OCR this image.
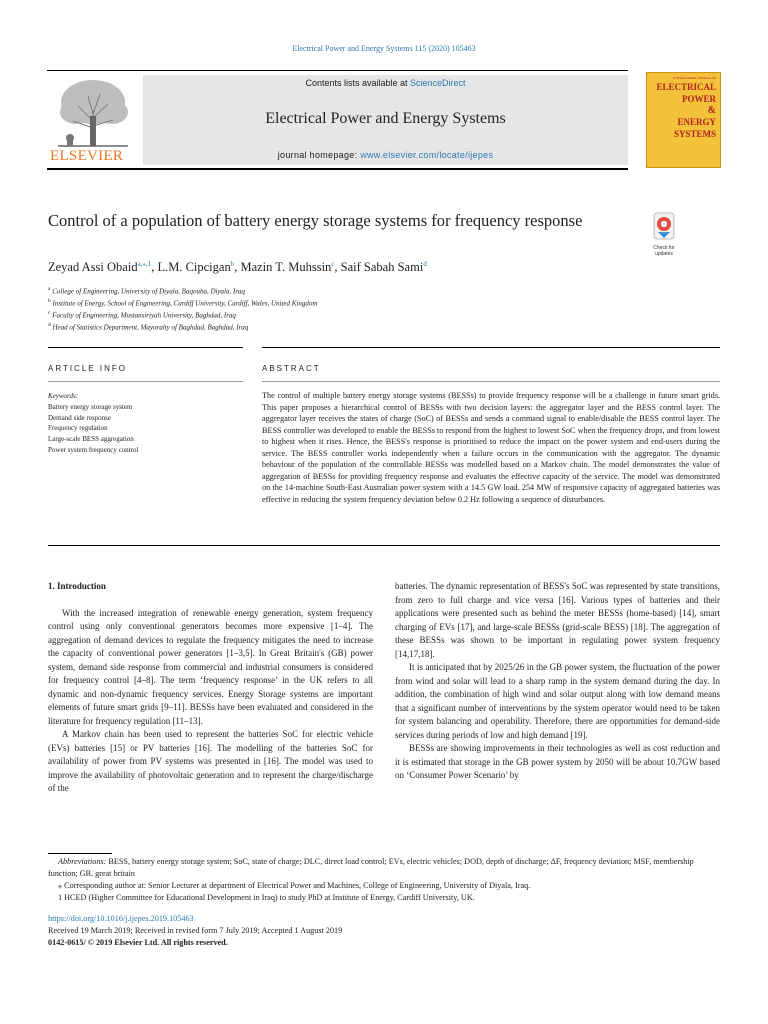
Electrical Power and Energy Systems 115 (2020) 105463
ELSEVIER
Contents lists available at ScienceDirect
Electrical Power and Energy Systems
journal homepage: www.elsevier.com/locate/ijepes
INTERNATIONAL JOURNAL OF
ELECTRICAL
POWER
&
ENERGY
SYSTEMS
Control of a population of battery energy storage systems for frequency response
Check for updates
Zeyad Assi Obaid$^{a,⁎,1}$, L.M. Cipcigan$^b$, Mazin T. Muhssin$^c$, Saif Sabah Sami$^d$
$^a$ College of Engineering, University of Diyala, Baqouba, Diyala, Iraq
$^b$ Institute of Energy, School of Engineering, Cardiff University, Cardiff, Wales, United Kingdom
$^c$ Faculty of Engineering, Mustansiriyah University, Baghdad, Iraq
$^d$ Head of Statistics Department, Mayoralty of Baghdad, Baghdad, Iraq
ARTICLE INFO	ABSTRACT
Keywords:
Battery energy storage system
Demand side response
Frequency regulation
Large-scale BESS aggregation
Power system frequency control
The control of multiple battery energy storage systems (BESSs) to provide frequency response will be a challenge in future smart grids. This paper proposes a hierarchical control of BESSs with two decision layers: the aggregator layer and the BESS control layer. The aggregator layer receives the states of charge (SoC) of BESSs and sends a command signal to enable/disable the BESS control layer. The BESS controller was developed to enable the BESSs to respond from the highest to lowest SoC when the frequency drops, and from lowest to highest when it rises. Hence, the BESS's response is prioritised to reduce the impact on the power system and end-users during the service. The BESS controller works independently when a failure occurs in the communication with the aggregator. The dynamic behaviour of the population of the controllable BESSs was modelled based on a Markov chain. The model demonstrates the value of aggregation of BESSs for providing frequency response and evaluates the effective capacity of the service. The model was demonstrated on the 14-machine South-East Australian power system with a 14.5 GW load. 254 MW of responsive capacity of aggregated batteries was effective in reducing the system frequency deviation below 0.2 Hz following a sequence of disturbances.

1. Introduction

With the increased integration of renewable energy generation, system frequency control using only conventional generators becomes more expensive [1–4]. The aggregation of demand devices to regulate the frequency mitigates the need to increase the capacity of conventional power generators [1–3,5]. In Great Britain's (GB) power system, demand side response from commercial and industrial consumers is considered for frequency control [4–8]. The term ‘frequency response’ in the UK refers to all dynamic and non-dynamic frequency services. Energy Storage systems are important elements of future smart grids [9–11]. BESSs have been evaluated and considered in the literature for frequency regulation [11–13].

A Markov chain has been used to represent the batteries SoC for electric vehicle (EVs) batteries [15] or PV batteries [16]. The modelling of the batteries SoC for availability of power from PV systems was presented in [16]. The model was used to improve the availability of photovoltaic generation and to represent the charge/discharge of the

batteries. The dynamic representation of BESS's SoC was represented by state transitions, from zero to full charge and vice versa [16]. Various types of batteries and their applications were presented such as behind the meter BESSs (home-based) [14], smart charging of EVs [17], and large-scale BESSs (grid-scale BESS) [18]. The aggregation of these BESSs was shown to be important in regulating power system frequency [14,17,18].

It is anticipated that by 2025/26 in the GB power system, the fluctuation of the power from wind and solar will lead to a sharp ramp in the system demand during the day. In addition, the combination of high wind and solar output along with low demand means that a significant number of interventions by the system operator would need to be taken for system balancing and operability. Therefore, there are opportunities for demand-side services during periods of low and high demand [19].

BESSs are showing improvements in their technologies as well as cost reduction and it is estimated that storage in the GB power system by 2050 will be about 10.7GW based on ‘Consumer Power Scenario’ by

Abbreviations: BESS, battery energy storage system; SoC, state of charge; DLC, direct load control; EVs, electric vehicles; DOD, depth of discharge; ΔF, frequency deviation; MSF, membership function; GB, great britain

⁎ Corresponding author at: Senior Lecturer at department of Electrical Power and Machines, College of Engineering, University of Diyala, Iraq.

1 HCED (Higher Committee for Educational Development in Iraq) to study PhD at Institute of Energy, Cardiff University, UK.

https://doi.org/10.1016/j.ijepes.2019.105463

Received 19 March 2019; Received in revised form 7 July 2019; Accepted 1 August 2019

0142-0615/ © 2019 Elsevier Ltd. All rights reserved.
